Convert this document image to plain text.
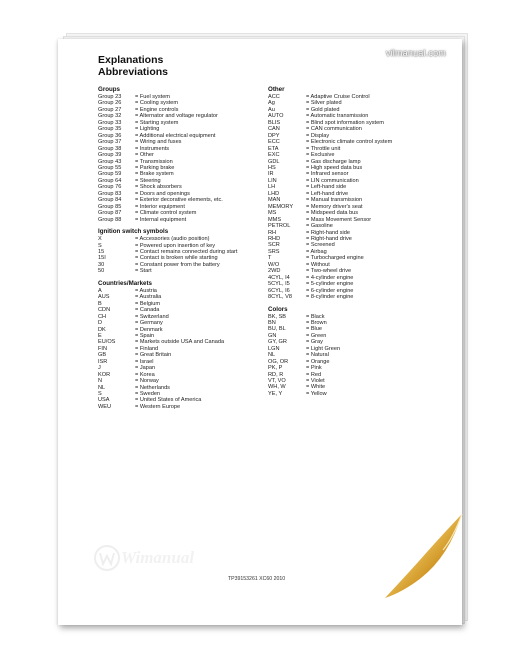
vilmanual.com
Explanations
Abbreviations
Groups
Group 23	= Fuel system
Group 26	= Cooling system
Group 27	= Engine controls
Group 32	= Alternator and voltage regulator
Group 33	= Starting system
Group 35	= Lighting
Group 36	= Additional electrical equipment
Group 37	= Wiring and fuses
Group 38	= Instruments
Group 39	= Other
Group 43	= Transmission
Group 55	= Parking brake
Group 59	= Brake system
Group 64	= Steering
Group 76	= Shock absorbers
Group 83	= Doors and openings
Group 84	= Exterior decorative elements, etc.
Group 85	= Interior equipment
Group 87	= Climate control system
Group 88	= Internal equipment
Ignition switch symbols
X	= Accessories (audio position)
S	= Powered upon insertion of key
15	= Contact remains connected during start
15I	= Contact is broken while starting
30	= Constant power from the battery
50	= Start
Countries/Markets
A	= Austria
AUS	= Australia
B	= Belgium
CDN	= Canada
CH	= Switzerland
D	= Germany
DK	= Denmark
E	= Spain
EU/OS	= Markets outside USA and Canada
FIN	= Finland
GB	= Great Britain
ISR	= Israel
J	= Japan
KOR	= Korea
N	= Norway
NL	= Netherlands
S	= Sweden
USA	= United States of America
WEU	= Western Europe
Other
ACC	= Adaptive Cruise Control
Ag	= Silver plated
Au	= Gold plated
AUTO	= Automatic transmission
BLIS	= Blind spot information system
CAN	= CAN communication
DPY	= Display
ECC	= Electronic climate control system
ETA	= Throttle unit
EXC	= Exclusive
GDL	= Gas discharge lamp
HS	= High speed data bus
IR	= Infrared sensor
LIN	= LIN communication
LH	= Left-hand side
LHD	= Left-hand drive
MAN	= Manual transmission
MEMORY	= Memory driver's seat
MS	= Midspeed data bus
MMS	= Mass Movement Sensor
PETROL	= Gasoline
RH	= Right-hand side
RHD	= Right-hand drive
SCR	= Screened
SRS	= Airbag
T	= Turbocharged engine
W/O	= Without
2WD	= Two-wheel drive
4CYL, I4	= 4-cylinder engine
5CYL, I5	= 5-cylinder engine
6CYL, I6	= 6-cylinder engine
8CYL, V8	= 8-cylinder engine
Colors
BK, SB	= Black
BN	= Brown
BU, BL	= Blue
GN	= Green
GY, GR	= Gray
LGN	= Light Green
NL	= Natural
OG, OR	= Orange
PK, P	= Pink
RD, R	= Red
VT, VO	= Violet
WH, W	= White
YE, Y	= Yellow
Wimanual
TP39153261 XC60 2010
